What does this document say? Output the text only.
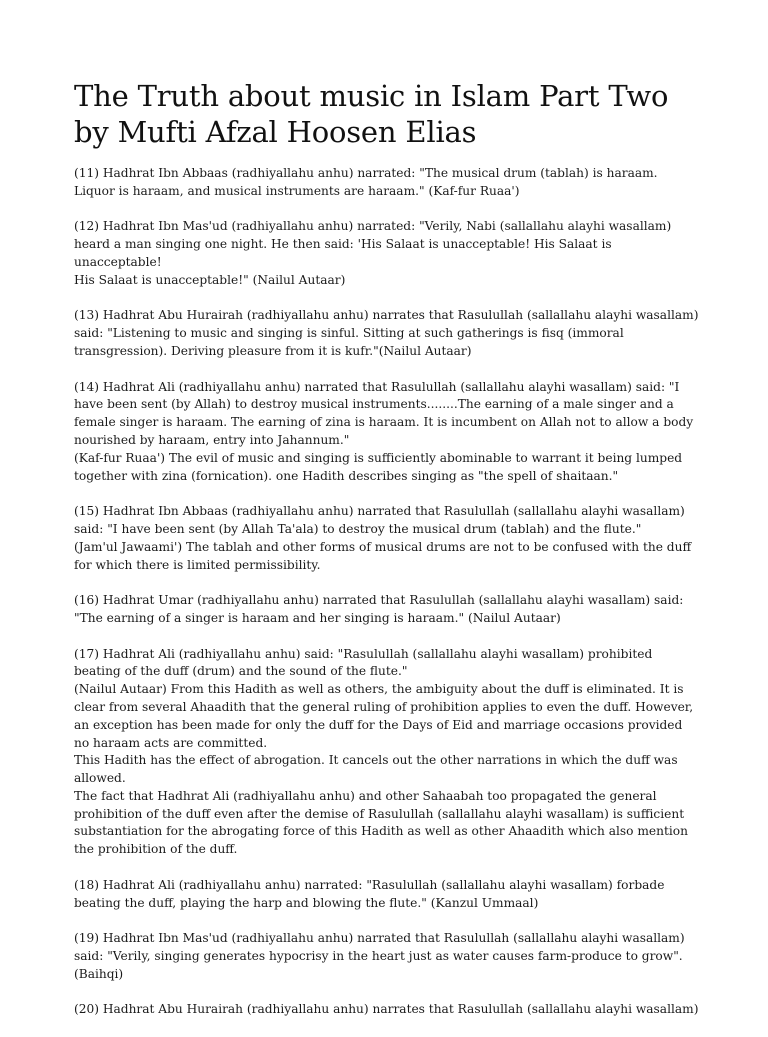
The Truth about music in Islam Part Two by Mufti Afzal Hoosen Elias

(11) Hadhrat Ibn Abbaas (radhiyallahu anhu) narrated: "The musical drum (tablah) is haraam.
Liquor is haraam, and musical instruments are haraam." (Kaf-fur Ruaa')

(12) Hadhrat Ibn Mas'ud (radhiyallahu anhu) narrated: "Verily, Nabi (sallallahu alayhi wasallam)
heard a man singing one night. He then said: 'His Salaat is unacceptable! His Salaat is unacceptable!
His Salaat is unacceptable!" (Nailul Autaar)

(13) Hadhrat Abu Hurairah (radhiyallahu anhu) narrates that Rasulullah (sallallahu alayhi wasallam)
said: "Listening to music and singing is sinful. Sitting at such gatherings is fisq (immoral
transgression). Deriving pleasure from it is kufr."(Nailul Autaar)

(14) Hadhrat Ali (radhiyallahu anhu) narrated that Rasulullah (sallallahu alayhi wasallam) said: "I
have been sent (by Allah) to destroy musical instruments........The earning of a male singer and a
female singer is haraam. The earning of zina is haraam. It is incumbent on Allah not to allow a body
nourished by haraam, entry into Jahannum."
(Kaf-fur Ruaa') The evil of music and singing is sufficiently abominable to warrant it being lumped
together with zina (fornication). one Hadith describes singing as "the spell of shaitaan."

(15) Hadhrat Ibn Abbaas (radhiyallahu anhu) narrated that Rasulullah (sallallahu alayhi wasallam)
said: "I have been sent (by Allah Ta'ala) to destroy the musical drum (tablah) and the flute."
(Jam'ul Jawaami') The tablah and other forms of musical drums are not to be confused with the duff
for which there is limited permissibility.

(16) Hadhrat Umar (radhiyallahu anhu) narrated that Rasulullah (sallallahu alayhi wasallam) said:
"The earning of a singer is haraam and her singing is haraam." (Nailul Autaar)

(17) Hadhrat Ali (radhiyallahu anhu) said: "Rasulullah (sallallahu alayhi wasallam) prohibited
beating of the duff (drum) and the sound of the flute."
(Nailul Autaar) From this Hadith as well as others, the ambiguity about the duff is eliminated. It is
clear from several Ahaadith that the general ruling of prohibition applies to even the duff. However,
an exception has been made for only the duff for the Days of Eid and marriage occasions provided
no haraam acts are committed.
This Hadith has the effect of abrogation. It cancels out the other narrations in which the duff was
allowed.
The fact that Hadhrat Ali (radhiyallahu anhu) and other Sahaabah too propagated the general
prohibition of the duff even after the demise of Rasulullah (sallallahu alayhi wasallam) is sufficient
substantiation for the abrogating force of this Hadith as well as other Ahaadith which also mention
the prohibition of the duff.

(18) Hadhrat Ali (radhiyallahu anhu) narrated: "Rasulullah (sallallahu alayhi wasallam) forbade
beating the duff, playing the harp and blowing the flute." (Kanzul Ummaal)

(19) Hadhrat Ibn Mas'ud (radhiyallahu anhu) narrated that Rasulullah (sallallahu alayhi wasallam)
said: "Verily, singing generates hypocrisy in the heart just as water causes farm-produce to grow".
(Baihqi)

(20) Hadhrat Abu Hurairah (radhiyallahu anhu) narrates that Rasulullah (sallallahu alayhi wasallam)
